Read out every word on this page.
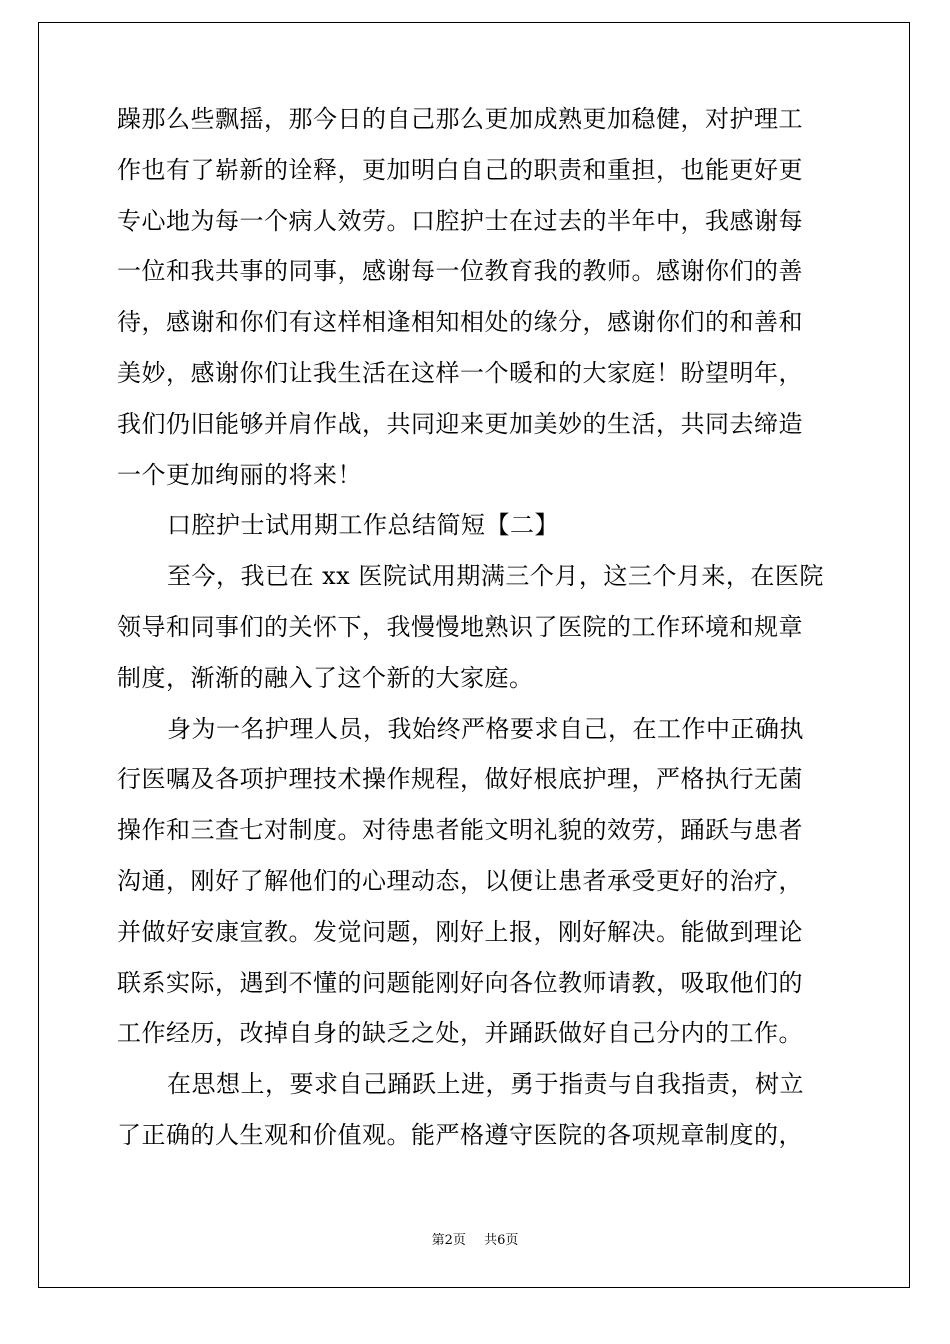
躁那么些飘摇，那今日的自己那么更加成熟更加稳健，对护理工
作也有了崭新的诠释，更加明白自己的职责和重担，也能更好更
专心地为每一个病人效劳。口腔护士在过去的半年中，我感谢每
一位和我共事的同事，感谢每一位教育我的教师。感谢你们的善
待，感谢和你们有这样相逢相知相处的缘分，感谢你们的和善和
美妙，感谢你们让我生活在这样一个暖和的大家庭！盼望明年，
我们仍旧能够并肩作战，共同迎来更加美妙的生活，共同去缔造
一个更加绚丽的将来！
口腔护士试用期工作总结简短【二】
至今，我已在 xx 医院试用期满三个月，这三个月来，在医院
领导和同事们的关怀下，我慢慢地熟识了医院的工作环境和规章
制度，渐渐的融入了这个新的大家庭。
身为一名护理人员，我始终严格要求自己，在工作中正确执
行医嘱及各项护理技术操作规程，做好根底护理，严格执行无菌
操作和三查七对制度。对待患者能文明礼貌的效劳，踊跃与患者
沟通，刚好了解他们的心理动态，以便让患者承受更好的治疗，
并做好安康宣教。发觉问题，刚好上报，刚好解决。能做到理论
联系实际，遇到不懂的问题能刚好向各位教师请教，吸取他们的
工作经历，改掉自身的缺乏之处，并踊跃做好自己分内的工作。
在思想上，要求自己踊跃上进，勇于指责与自我指责，树立
了正确的人生观和价值观。能严格遵守医院的各项规章制度的，
第2页 共6页
